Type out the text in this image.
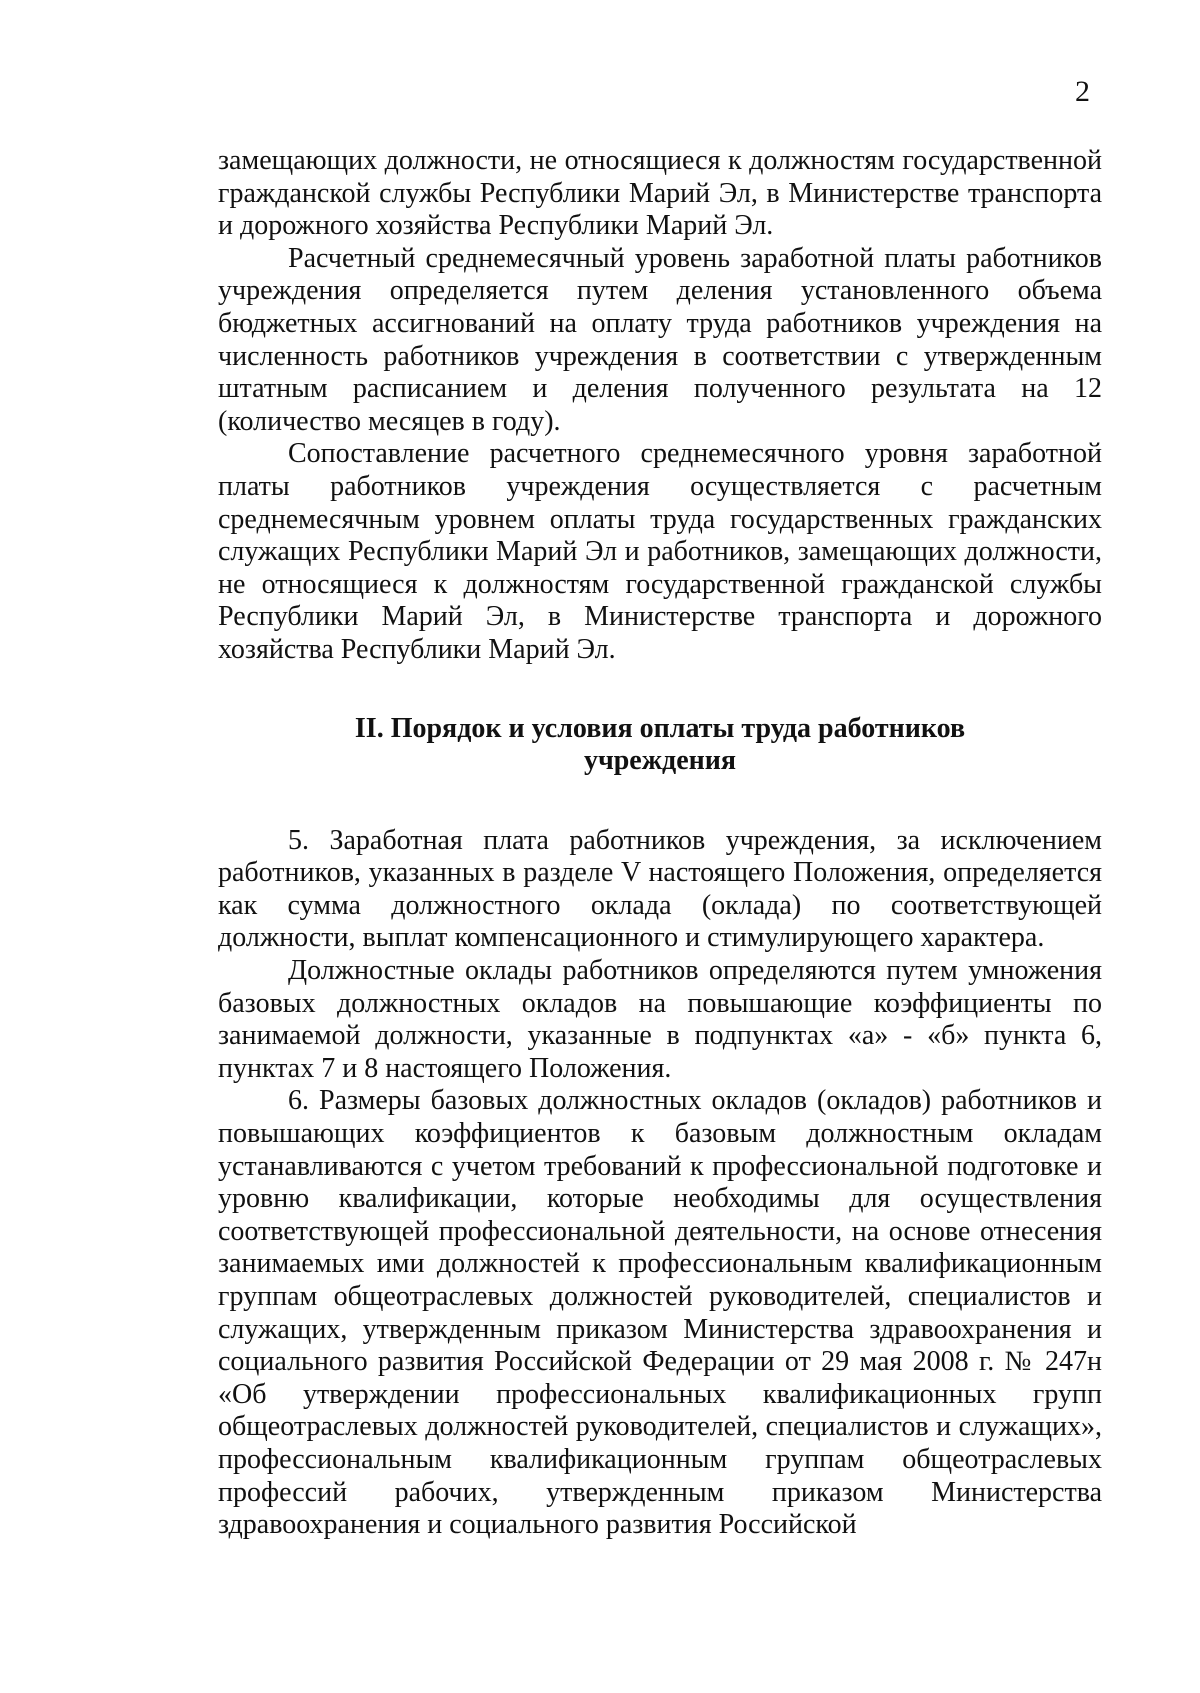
2

замещающих должности, не относящиеся к должностям государственной гражданской службы Республики Марий Эл, в Министерстве транспорта и дорожного хозяйства Республики Марий Эл.

Расчетный среднемесячный уровень заработной платы работников учреждения определяется путем деления установленного объема бюджетных ассигнований на оплату труда работников учреждения на численность работников учреждения в соответствии с утвержденным штатным расписанием и деления полученного результата на 12 (количество месяцев в году).

Сопоставление расчетного среднемесячного уровня заработной платы работников учреждения осуществляется с расчетным среднемесячным уровнем оплаты труда государственных гражданских служащих Республики Марий Эл и работников, замещающих должности, не относящиеся к должностям государственной гражданской службы Республики Марий Эл, в Министерстве транспорта и дорожного хозяйства Республики Марий Эл.

II. Порядок и условия оплаты труда работников
учреждения

5. Заработная плата работников учреждения, за исключением работников, указанных в разделе V настоящего Положения, определяется как сумма должностного оклада (оклада) по соответствующей должности, выплат компенсационного и стимулирующего характера.

Должностные оклады работников определяются путем умножения базовых должностных окладов на повышающие коэффициенты по занимаемой должности, указанные в подпунктах «а» - «б» пункта 6, пунктах 7 и 8 настоящего Положения.

6. Размеры базовых должностных окладов (окладов) работников и повышающих коэффициентов к базовым должностным окладам устанавливаются с учетом требований к профессиональной подготовке и уровню квалификации, которые необходимы для осуществления соответствующей профессиональной деятельности, на основе отнесения занимаемых ими должностей к профессиональным квалификационным группам общеотраслевых должностей руководителей, специалистов и служащих, утвержденным приказом Министерства здравоохранения и социального развития Российской Федерации от 29 мая 2008 г. № 247н «Об утверждении профессиональных квалификационных групп общеотраслевых должностей руководителей, специалистов и служащих», профессиональным квалификационным группам общеотраслевых профессий рабочих, утвержденным приказом Министерства здравоохранения и социального развития Российской
